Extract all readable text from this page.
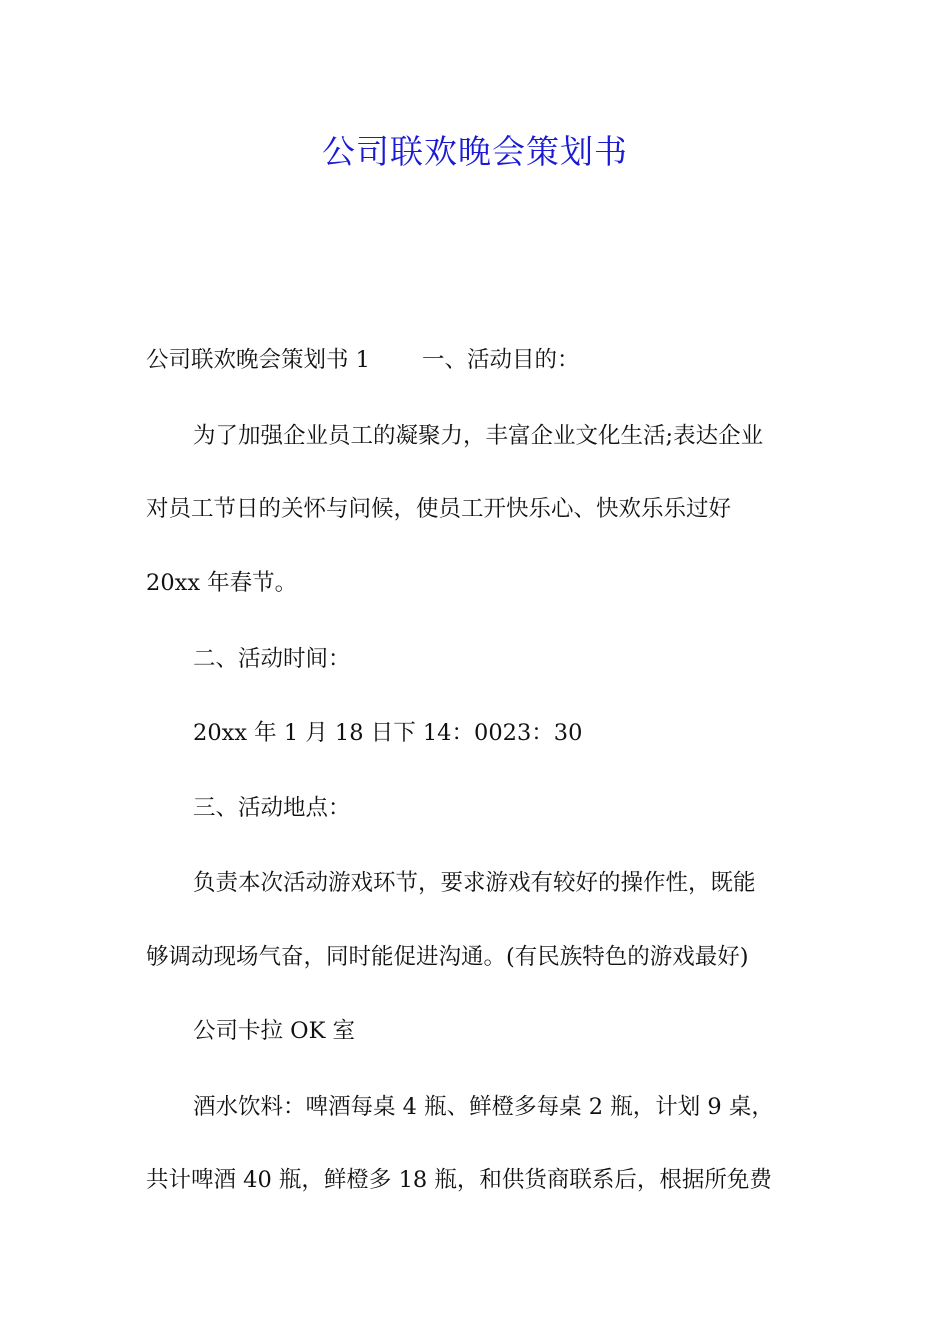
公司联欢晚会策划书
公司联欢晚会策划书 1 一、活动目的：
为了加强企业员工的凝聚力，丰富企业文化生活;表达企业
对员工节日的关怀与问候，使员工开快乐心、快欢乐乐过好
20xx 年春节。
二、活动时间：
20xx 年 1 月 18 日下 14：0023：30
三、活动地点：
负责本次活动游戏环节，要求游戏有较好的操作性，既能
够调动现场气奋，同时能促进沟通。(有民族特色的游戏最好)
公司卡拉 OK 室
酒水饮料：啤酒每桌 4 瓶、鲜橙多每桌 2 瓶，计划 9 桌，
共计啤酒 40 瓶，鲜橙多 18 瓶，和供货商联系后，根据所免费
